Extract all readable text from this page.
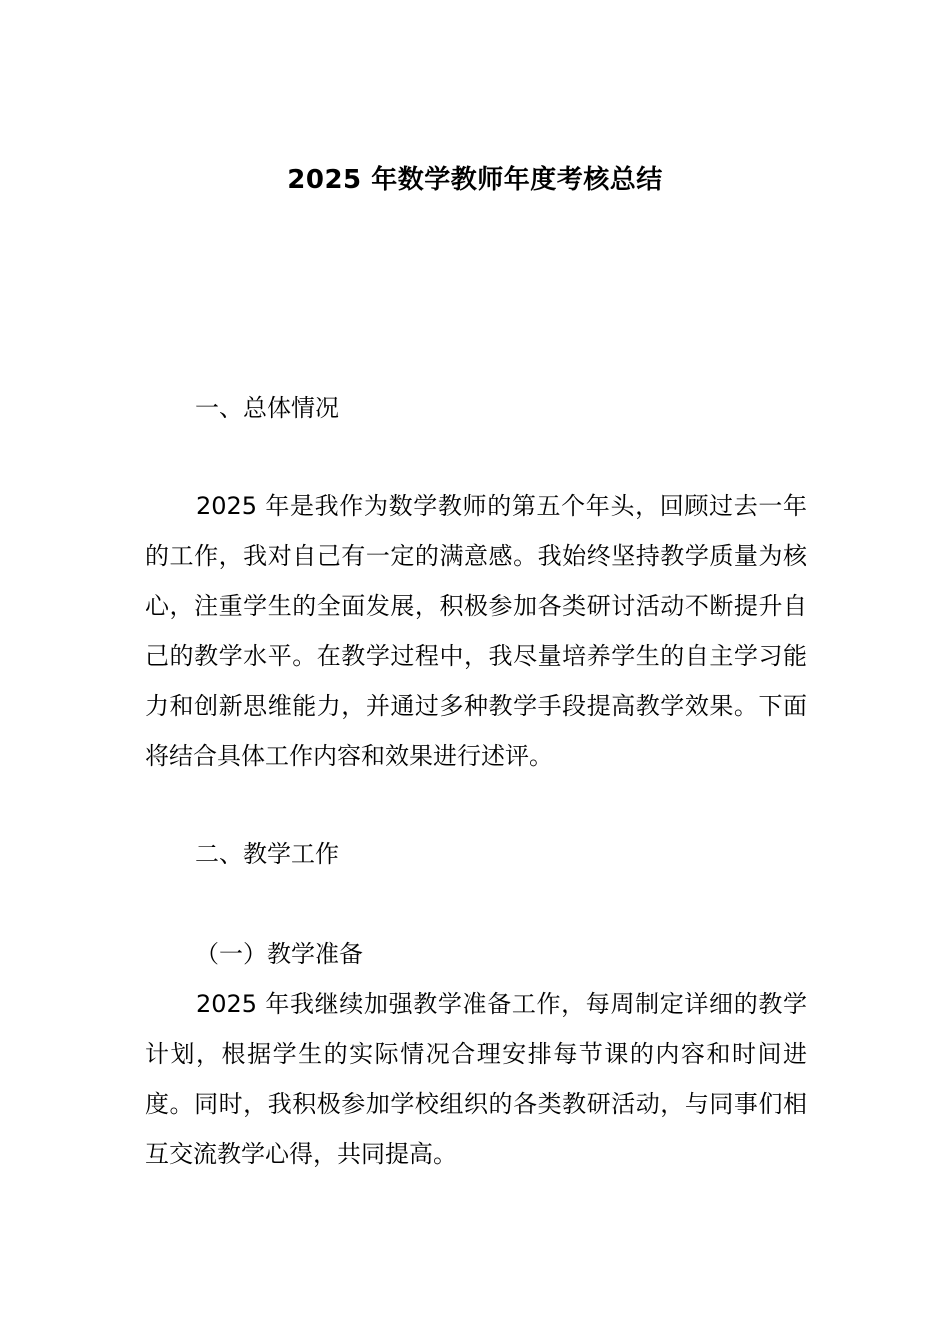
2025 年数学教师年度考核总结
一、总体情况
2025 年是我作为数学教师的第五个年头，回顾过去一年的工作，我对自己有一定的满意感。我始终坚持教学质量为核心，注重学生的全面发展，积极参加各类研讨活动不断提升自己的教学水平。在教学过程中，我尽量培养学生的自主学习能力和创新思维能力，并通过多种教学手段提高教学效果。下面将结合具体工作内容和效果进行述评。
二、教学工作
（一）教学准备
2025 年我继续加强教学准备工作，每周制定详细的教学计划，根据学生的实际情况合理安排每节课的内容和时间进度。同时，我积极参加学校组织的各类教研活动，与同事们相互交流教学心得，共同提高。
